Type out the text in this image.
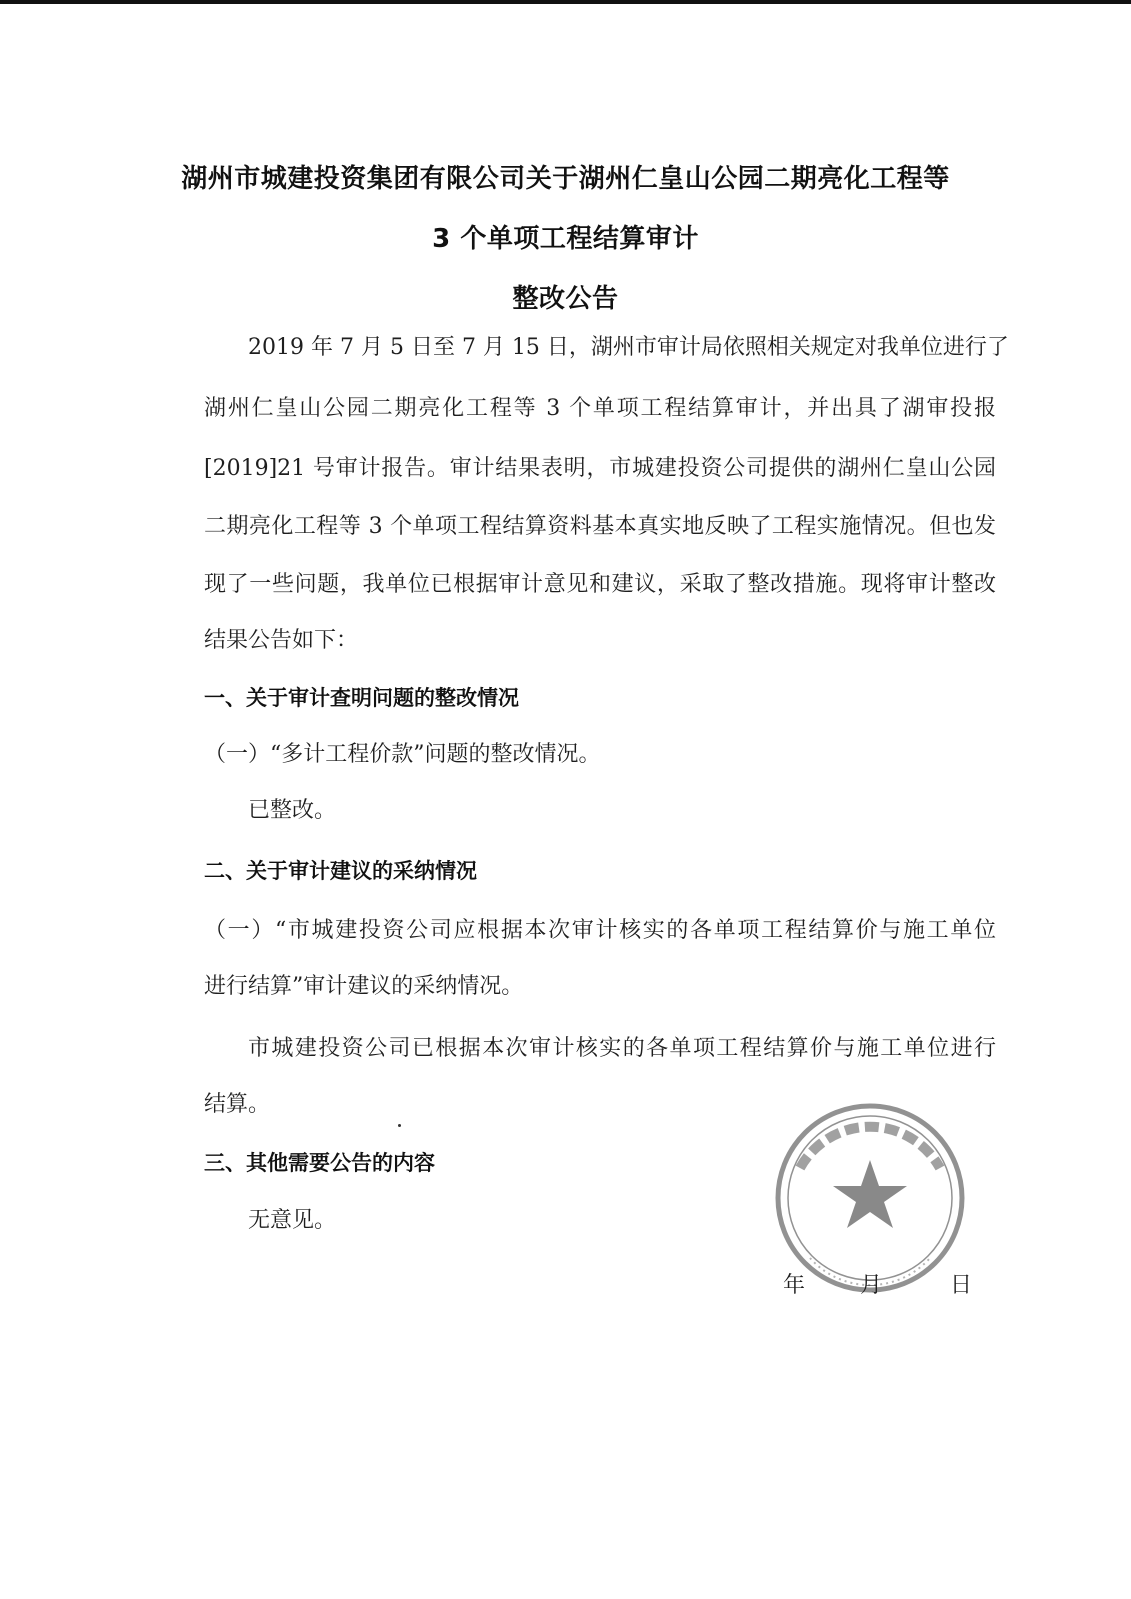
湖州市城建投资集团有限公司关于湖州仁皇山公园二期亮化工程等
3 个单项工程结算审计
整改公告
2019 年 7 月 5 日至 7 月 15 日，湖州市审计局依照相关规定对我单位进行了
湖州仁皇山公园二期亮化工程等 3 个单项工程结算审计，并出具了湖审投报
[2019]21 号审计报告。审计结果表明，市城建投资公司提供的湖州仁皇山公园
二期亮化工程等 3 个单项工程结算资料基本真实地反映了工程实施情况。但也发
现了一些问题，我单位已根据审计意见和建议，采取了整改措施。现将审计整改
结果公告如下：
一、关于审计查明问题的整改情况
（一）“多计工程价款”问题的整改情况。
已整改。
二、关于审计建议的采纳情况
（一）“市城建投资公司应根据本次审计核实的各单项工程结算价与施工单位
进行结算”审计建议的采纳情况。
市城建投资公司已根据本次审计核实的各单项工程结算价与施工单位进行
结算。
三、其他需要公告的内容
无意见。
年 月	日
